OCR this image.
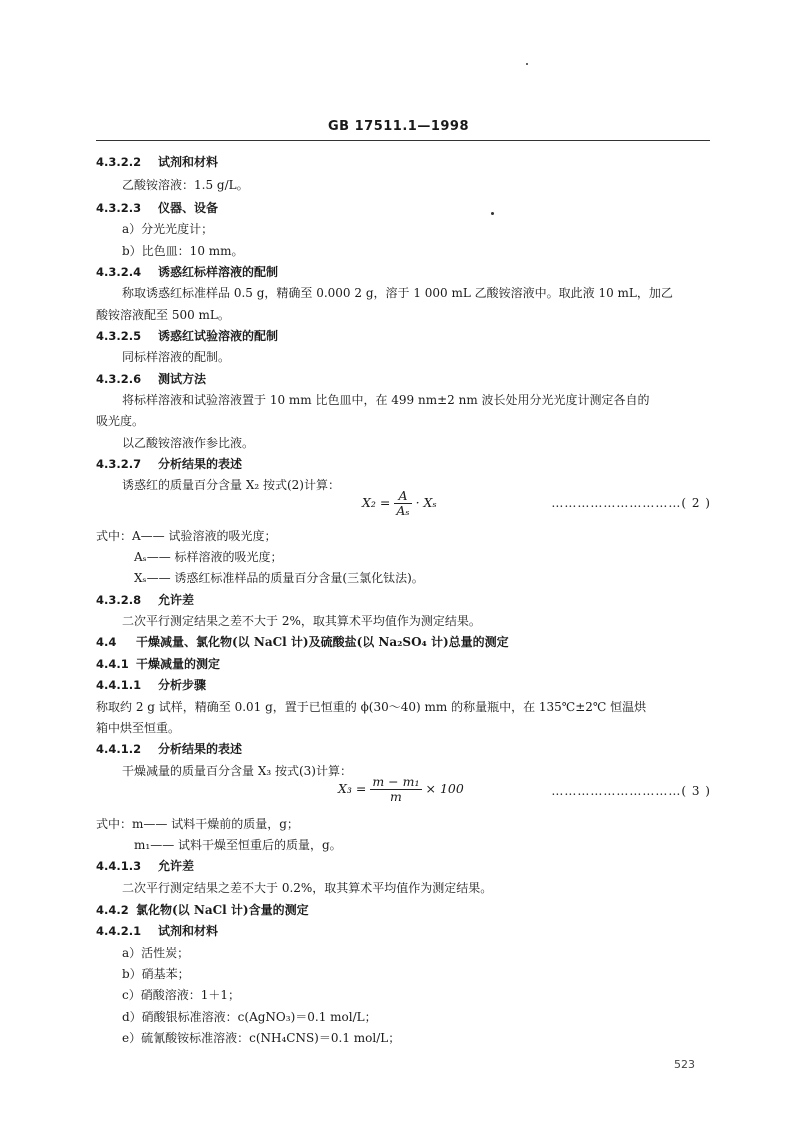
GB 17511.1—1998
4.3.2.2 试剂和材料
乙酸铵溶液：1.5 g/L。
4.3.2.3 仪器、设备
a）分光光度计；
b）比色皿：10 mm。
4.3.2.4 诱惑红标样溶液的配制
称取诱惑红标准样品 0.5 g，精确至 0.000 2 g，溶于 1 000 mL 乙酸铵溶液中。取此液 10 mL，加乙
酸铵溶液配至 500 mL。
4.3.2.5 诱惑红试验溶液的配制
同标样溶液的配制。
4.3.2.6 测试方法
将标样溶液和试验溶液置于 10 mm 比色皿中，在 499 nm±2 nm 波长处用分光光度计测定各自的
吸光度。
以乙酸铵溶液作参比液。
4.3.2.7 分析结果的表述
诱惑红的质量百分含量 X₂ 按式(2)计算：
$X_2 = \frac{A}{\text{Aₛ}} \cdot X_s$	…………………………( 2 )
式中：A—— 试验溶液的吸光度；
Aₛ—— 标样溶液的吸光度；
Xₛ—— 诱惑红标准样品的质量百分含量(三氯化钛法)。
4.3.2.8 允许差
二次平行测定结果之差不大于 2%，取其算术平均值作为测定结果。
4.4 干燥减量、氯化物(以 NaCl 计)及硫酸盐(以 Na₂SO₄ 计)总量的测定
4.4.1 干燥减量的测定
4.4.1.1 分析步骤
称取约 2 g 试样，精确至 0.01 g，置于已恒重的 ϕ(30～40) mm 的称量瓶中，在 135℃±2℃ 恒温烘
箱中烘至恒重。
4.4.1.2 分析结果的表述
干燥减量的质量百分含量 X₃ 按式(3)计算：
$X_3 = \frac{\text{m − m₁}}{m} \times 100$	…………………………( 3 )
式中：m—— 试料干燥前的质量，g；
m₁—— 试料干燥至恒重后的质量，g。
4.4.1.3 允许差
二次平行测定结果之差不大于 0.2%，取其算术平均值作为测定结果。
4.4.2 氯化物(以 NaCl 计)含量的测定
4.4.2.1 试剂和材料
a）活性炭；
b）硝基苯；
c）硝酸溶液：1＋1；
d）硝酸银标准溶液：c(AgNO₃)＝0.1 mol/L；
e）硫氰酸铵标准溶液：c(NH₄CNS)＝0.1 mol/L；
523
